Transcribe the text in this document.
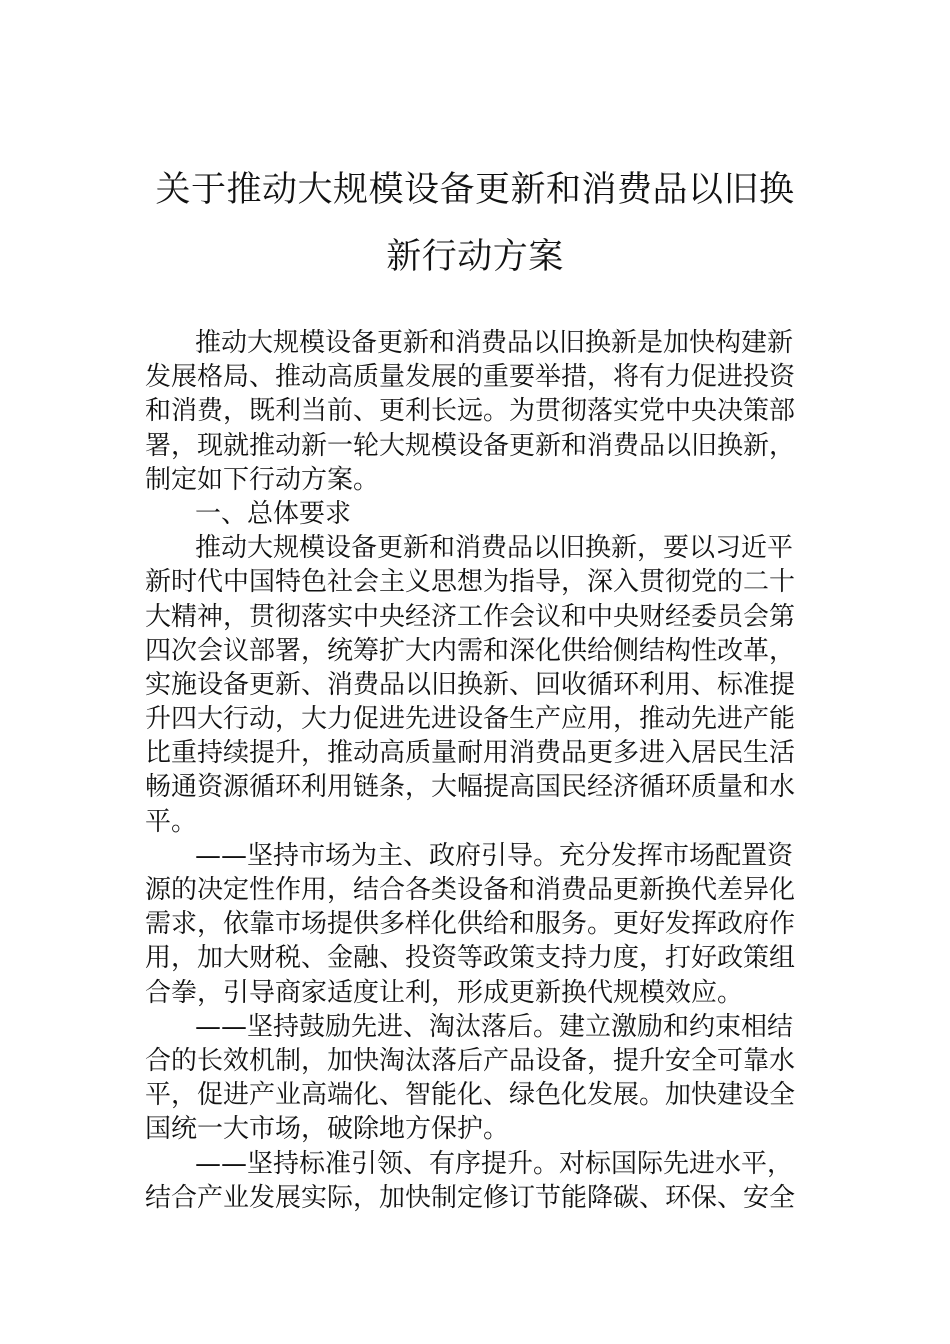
关于推动大规模设备更新和消费品以旧换
新行动方案
推动大规模设备更新和消费品以旧换新是加快构建新
发展格局、推动高质量发展的重要举措，将有力促进投资
和消费，既利当前、更利长远。为贯彻落实党中央决策部
署，现就推动新一轮大规模设备更新和消费品以旧换新，
制定如下行动方案。
一、总体要求
推动大规模设备更新和消费品以旧换新，要以习近平
新时代中国特色社会主义思想为指导，深入贯彻党的二十
大精神，贯彻落实中央经济工作会议和中央财经委员会第
四次会议部署，统筹扩大内需和深化供给侧结构性改革，
实施设备更新、消费品以旧换新、回收循环利用、标准提
升四大行动，大力促进先进设备生产应用，推动先进产能
比重持续提升，推动高质量耐用消费品更多进入居民生活
畅通资源循环利用链条，大幅提高国民经济循环质量和水
平。
——坚持市场为主、政府引导。充分发挥市场配置资
源的决定性作用，结合各类设备和消费品更新换代差异化
需求，依靠市场提供多样化供给和服务。更好发挥政府作
用，加大财税、金融、投资等政策支持力度，打好政策组
合拳，引导商家适度让利，形成更新换代规模效应。
——坚持鼓励先进、淘汰落后。建立激励和约束相结
合的长效机制，加快淘汰落后产品设备，提升安全可靠水
平，促进产业高端化、智能化、绿色化发展。加快建设全
国统一大市场，破除地方保护。
——坚持标准引领、有序提升。对标国际先进水平，
结合产业发展实际，加快制定修订节能降碳、环保、安全
